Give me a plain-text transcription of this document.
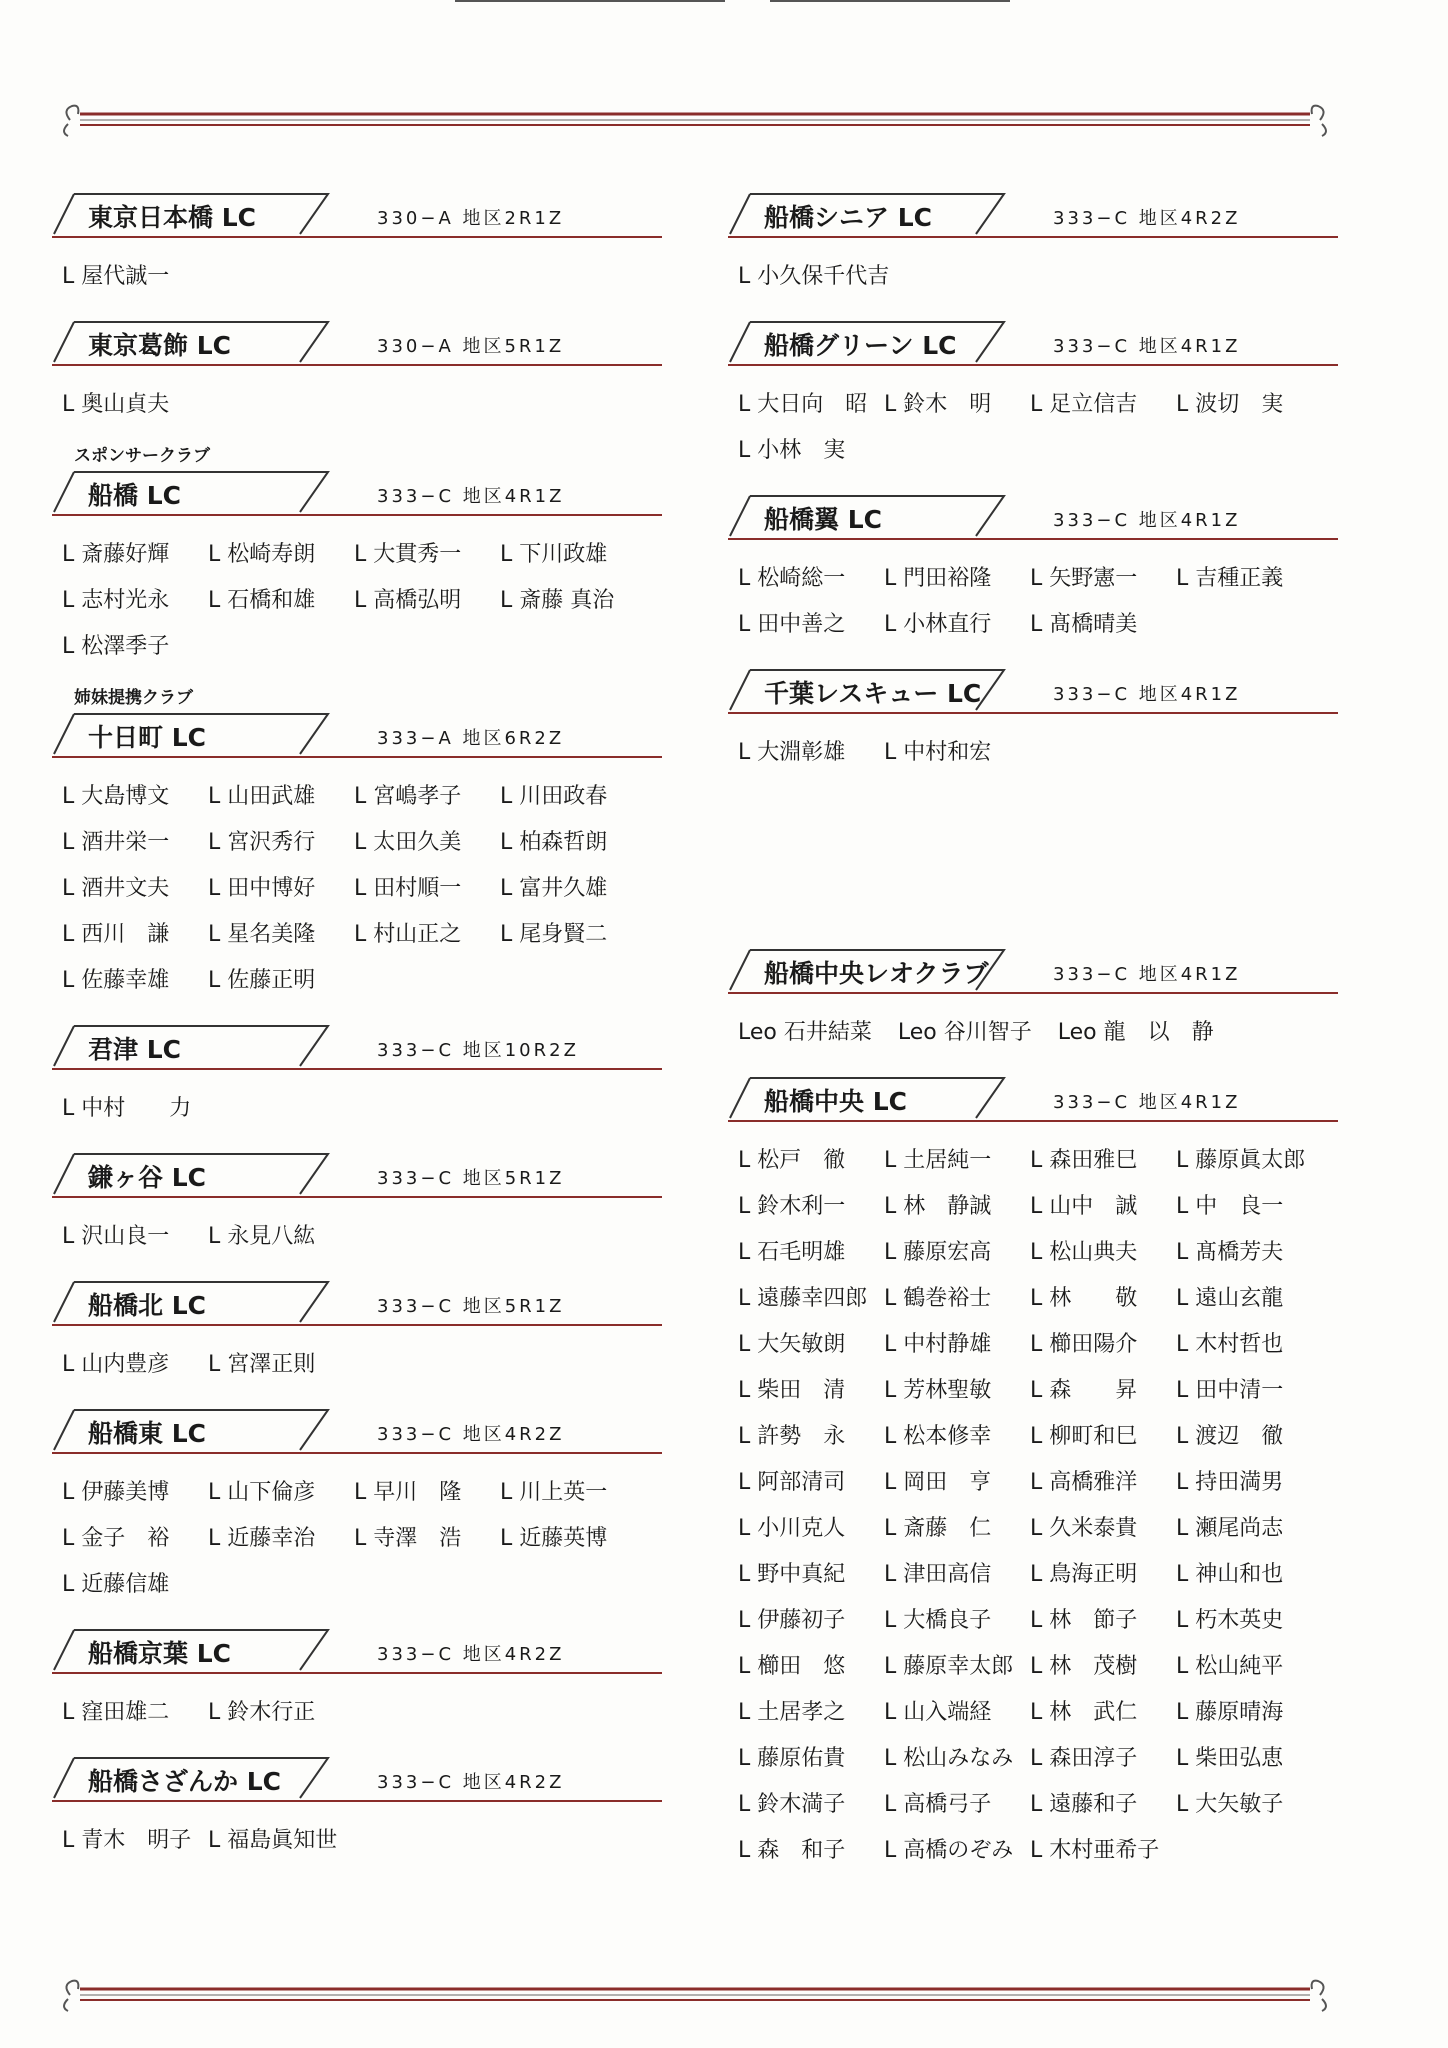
東京日本橋 LC	330−A 地区2R1Z
L 屋代誠一
東京葛飾 LC	330−A 地区5R1Z
L 奥山貞夫
スポンサークラブ
船橋 LC	333−C 地区4R1Z
L 斎藤好輝	L 松崎寿朗	L 大貫秀一	L 下川政雄
L 志村光永	L 石橋和雄	L 高橋弘明	L 斎藤 真治
L 松澤季子
姉妹提携クラブ
十日町 LC	333−A 地区6R2Z
L 大島博文	L 山田武雄	L 宮嶋孝子	L 川田政春
L 酒井栄一	L 宮沢秀行	L 太田久美	L 柏森哲朗
L 酒井文夫	L 田中博好	L 田村順一	L 富井久雄
L 西川　謙	L 星名美隆	L 村山正之	L 尾身賢二
L 佐藤幸雄	L 佐藤正明
君津 LC	333−C 地区10R2Z
L 中村　　力
鎌ヶ谷 LC	333−C 地区5R1Z
L 沢山良一	L 永見八紘
船橋北 LC	333−C 地区5R1Z
L 山内豊彦	L 宮澤正則
船橋東 LC	333−C 地区4R2Z
L 伊藤美博	L 山下倫彦	L 早川　隆	L 川上英一
L 金子　裕	L 近藤幸治	L 寺澤　浩	L 近藤英博
L 近藤信雄
船橋京葉 LC	333−C 地区4R2Z
L 窪田雄二	L 鈴木行正
船橋さざんか LC	333−C 地区4R2Z
L 青木　明子 L 福島眞知世
船橋シニア LC	333−C 地区4R2Z
L 小久保千代吉
船橋グリーン LC	333−C 地区4R1Z
L 大日向　昭 L 鈴木　明	L 足立信吉	L 波切　実
L 小林　実
船橋翼 LC	333−C 地区4R1Z
L 松崎総一	L 門田裕隆	L 矢野憲一	L 吉種正義
L 田中善之	L 小林直行	L 髙橋晴美
千葉レスキュー LC	333−C 地区4R1Z
L 大淵彰雄	L 中村和宏
船橋中央レオクラブ	333−C 地区4R1Z
Leo 石井結菜 Leo 谷川智子 Leo 龍　以　静
船橋中央 LC	333−C 地区4R1Z
L 松戸　徹	L 土居純一	L 森田雅巳	L 藤原眞太郎
L 鈴木利一	L 林　静誠	L 山中　誠	L 中　良一
L 石毛明雄	L 藤原宏高	L 松山典夫	L 髙橋芳夫
L 遠藤幸四郎 L 鶴巻裕士	L 林　　敬	L 遠山玄龍
L 大矢敏朗	L 中村静雄	L 櫛田陽介	L 木村哲也
L 柴田　清	L 芳林聖敏	L 森　　昇	L 田中清一
L 許勢　永	L 松本修幸	L 柳町和巳	L 渡辺　徹
L 阿部清司	L 岡田　亨	L 高橋雅洋	L 持田満男
L 小川克人	L 斎藤　仁	L 久米泰貴	L 瀬尾尚志
L 野中真紀	L 津田高信	L 鳥海正明	L 神山和也
L 伊藤初子	L 大橋良子	L 林　節子	L 朽木英史
L 櫛田　悠	L 藤原幸太郎 L 林　茂樹	L 松山純平
L 土居孝之	L 山入端経	L 林　武仁	L 藤原晴海
L 藤原佑貴	L 松山みなみ L 森田淳子	L 柴田弘恵
L 鈴木満子	L 高橋弓子	L 遠藤和子	L 大矢敏子
L 森　和子	L 高橋のぞみ L 木村亜希子
